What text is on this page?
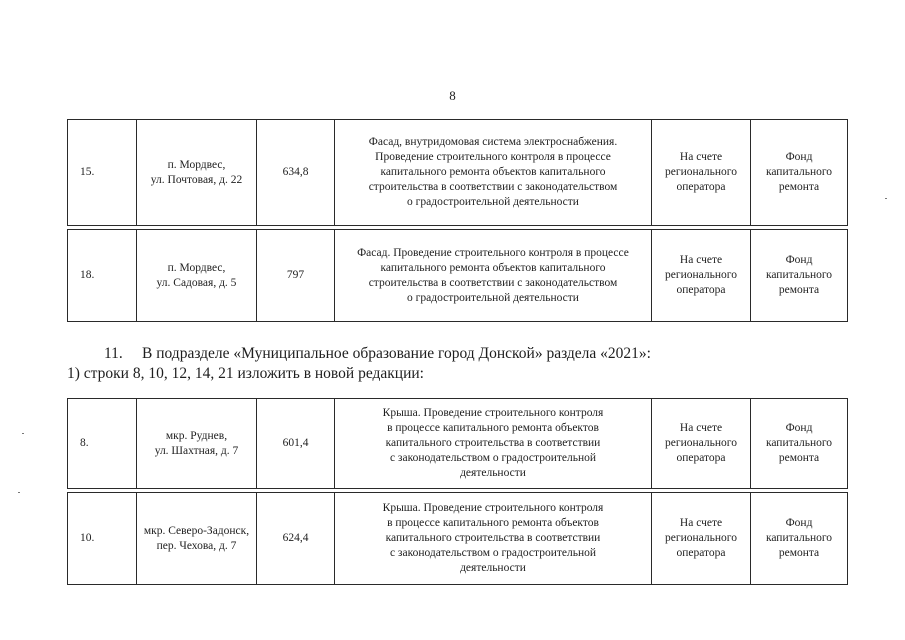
8
15.	п. Мордвес,
ул. Почтовая, д. 22	634,8	Фасад, внутридомовая система электроснабжения.
Проведение строительного контроля в процессе
капитального ремонта объектов капитального
строительства в соответствии с законодательством
о градостроительной деятельности	На счете
регионального
оператора	Фонд
капитального
ремонта
18.	п. Мордвес,
ул. Садовая, д. 5	797	Фасад. Проведение строительного контроля в процессе
капитального ремонта объектов капитального
строительства в соответствии с законодательством
о градостроительной деятельности	На счете
регионального
оператора	Фонд
капитального
ремонта
11. В подразделе «Муниципальное образование город Донской» раздела «2021»:
1) строки 8, 10, 12, 14, 21 изложить в новой редакции:
8.	мкр. Руднев,
ул. Шахтная, д. 7	601,4	Крыша. Проведение строительного контроля
в процессе капитального ремонта объектов
капитального строительства в соответствии
с законодательством о градостроительной
деятельности	На счете
регионального
оператора	Фонд
капитального
ремонта
10.	мкр. Северо-Задонск,
пер. Чехова, д. 7	624,4	Крыша. Проведение строительного контроля
в процессе капитального ремонта объектов
капитального строительства в соответствии
с законодательством о градостроительной
деятельности	На счете
регионального
оператора	Фонд
капитального
ремонта
